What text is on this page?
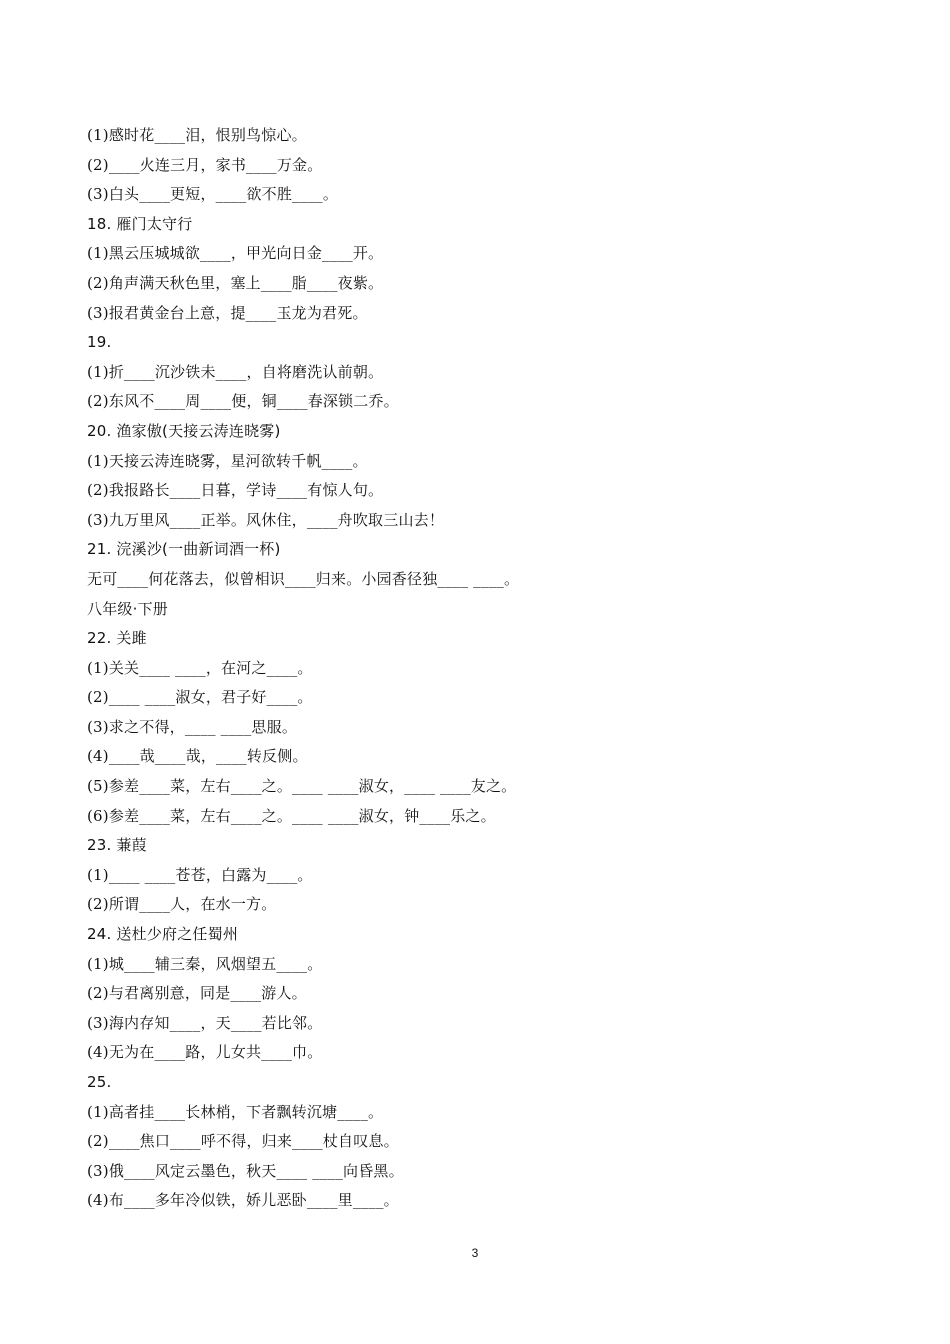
(1)感时花____泪，恨别鸟惊心。
(2)____火连三月，家书____万金。
(3)白头____更短，____欲不胜____。
18. 雁门太守行
(1)黑云压城城欲____，甲光向日金____开。
(2)角声满天秋色里，塞上____脂____夜紫。
(3)报君黄金台上意，提____玉龙为君死。
19.
(1)折____沉沙铁未____，自将磨洗认前朝。
(2)东风不____周____便，铜____春深锁二乔。
20. 渔家傲(天接云涛连晓雾)
(1)天接云涛连晓雾，星河欲转千帆____。
(2)我报路长____日暮，学诗____有惊人句。
(3)九万里风____正举。风休住，____舟吹取三山去！
21. 浣溪沙(一曲新词酒一杯)
无可____何花落去，似曾相识____归来。小园香径独____ ____。
八年级·下册
22. 关雎
(1)关关____ ____，在河之____。
(2)____ ____淑女，君子好____。
(3)求之不得，____ ____思服。
(4)____哉____哉，____转反侧。
(5)参差____菜，左右____之。____ ____淑女，____ ____友之。
(6)参差____菜，左右____之。____ ____淑女，钟____乐之。
23. 蒹葭
(1)____ ____苍苍，白露为____。
(2)所谓____人，在水一方。
24. 送杜少府之任蜀州
(1)城____辅三秦，风烟望五____。
(2)与君离别意，同是____游人。
(3)海内存知____，天____若比邻。
(4)无为在____路，儿女共____巾。
25.
(1)高者挂____长林梢，下者飘转沉塘____。
(2)____焦口____呼不得，归来____杖自叹息。
(3)俄____风定云墨色，秋天____ ____向昏黑。
(4)布____多年冷似铁，娇儿恶卧____里____。
3
